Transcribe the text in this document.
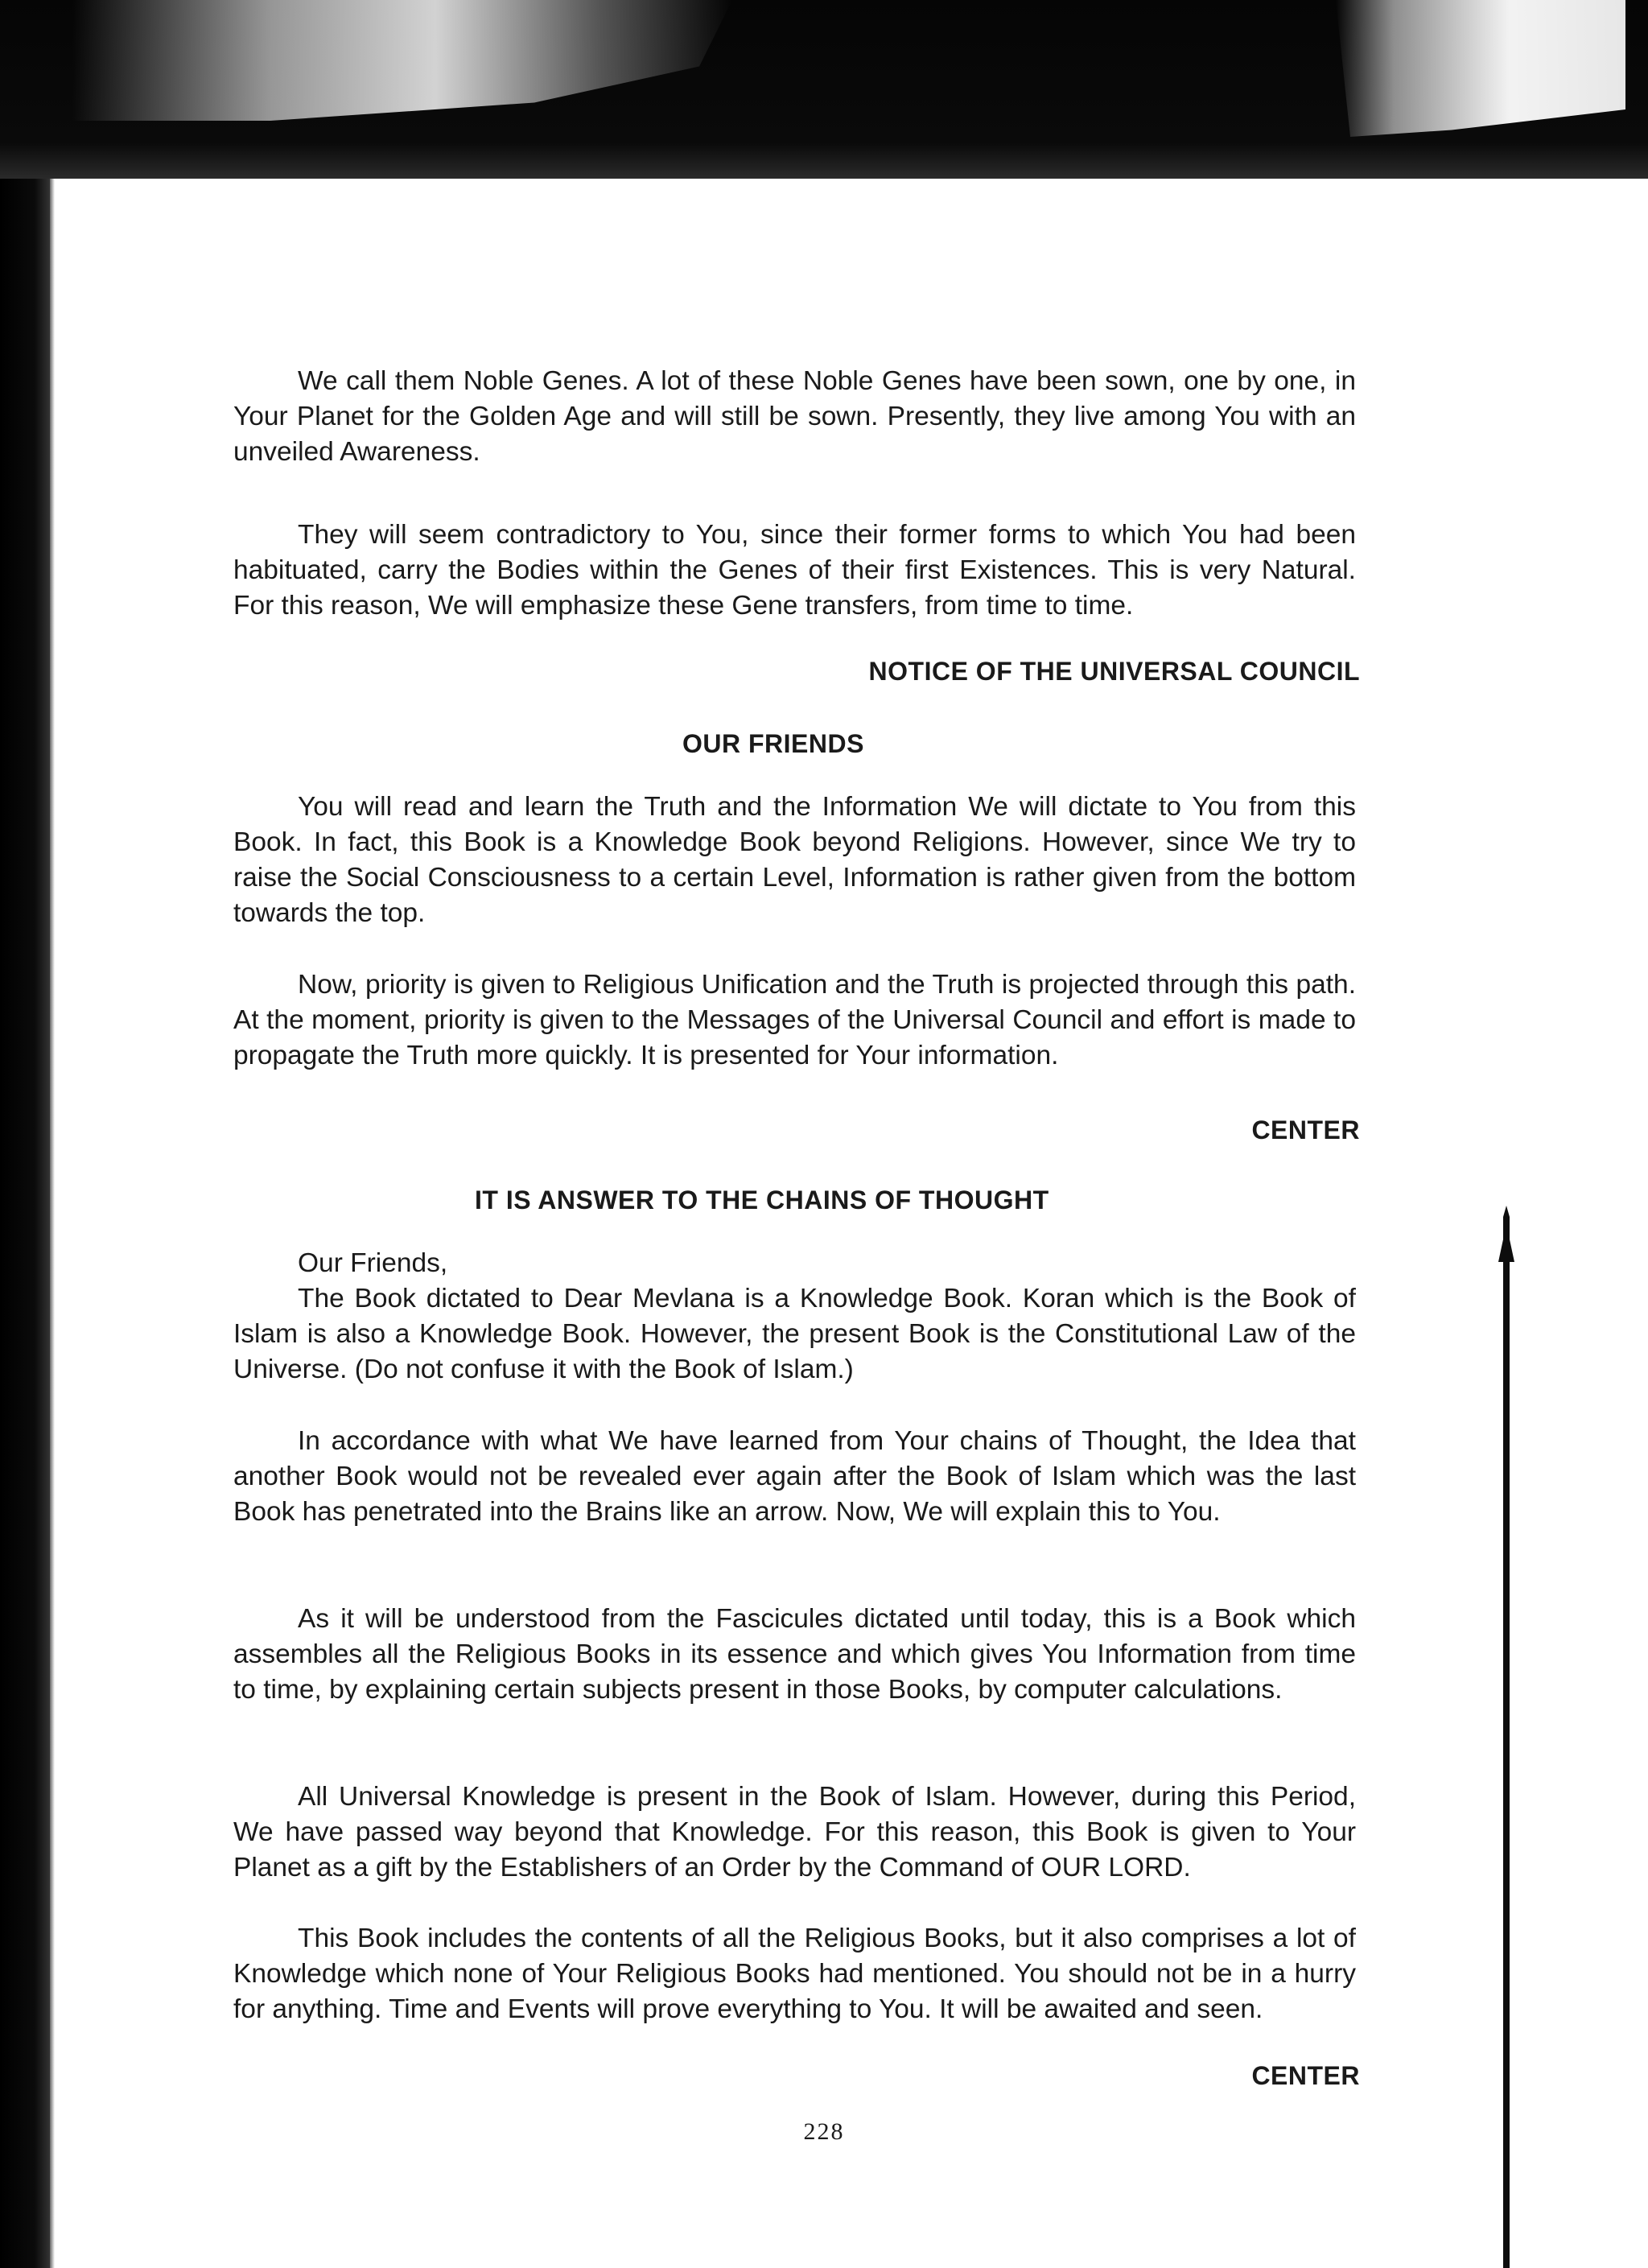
We call them Noble Genes. A lot of these Noble Genes have been sown, one by one, in Your Planet for the Golden Age and will still be sown. Presently, they live among You with an unveiled Awareness.

They will seem contradictory to You, since their former forms to which You had been habituated, carry the Bodies within the Genes of their first Existences. This is very Natural. For this reason, We will emphasize these Gene transfers, from time to time.

NOTICE OF THE UNIVERSAL COUNCIL

OUR FRIENDS

You will read and learn the Truth and the Information We will dictate to You from this Book. In fact, this Book is a Knowledge Book beyond Religions. However, since We try to raise the Social Consciousness to a certain Level, Information is rather given from the bottom towards the top.

Now, priority is given to Religious Unification and the Truth is projected through this path. At the moment, priority is given to the Messages of the Universal Council and effort is made to propagate the Truth more quickly. It is presented for Your information.

CENTER

IT IS ANSWER TO THE CHAINS OF THOUGHT

Our Friends,

The Book dictated to Dear Mevlana is a Knowledge Book. Koran which is the Book of Islam is also a Knowledge Book. However, the present Book is the Constitutional Law of the Universe. (Do not confuse it with the Book of Islam.)

In accordance with what We have learned from Your chains of Thought, the Idea that another Book would not be revealed ever again after the Book of Islam which was the last Book has penetrated into the Brains like an arrow. Now, We will explain this to You.

As it will be understood from the Fascicules dictated until today, this is a Book which assembles all the Religious Books in its essence and which gives You Information from time to time, by explaining certain subjects present in those Books, by computer calculations.

All Universal Knowledge is present in the Book of Islam. However, during this Period, We have passed way beyond that Knowledge. For this reason, this Book is given to Your Planet as a gift by the Establishers of an Order by the Command of OUR LORD.

This Book includes the contents of all the Religious Books, but it also comprises a lot of Knowledge which none of Your Religious Books had mentioned. You should not be in a hurry for anything. Time and Events will prove everything to You. It will be awaited and seen.

CENTER

228
